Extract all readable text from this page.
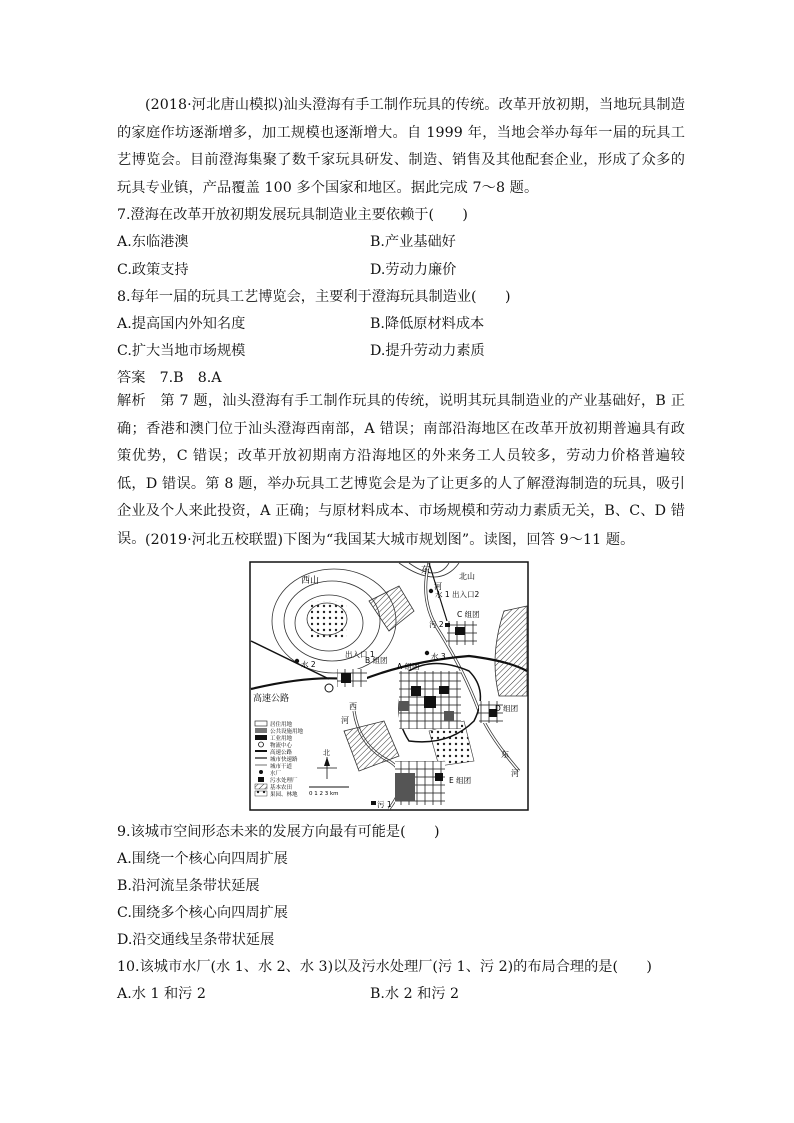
(2018·河北唐山模拟)汕头澄海有手工制作玩具的传统。改革开放初期，当地玩具制造的家庭作坊逐渐增多，加工规模也逐渐增大。自 1999 年，当地会举办每年一届的玩具工艺博览会。目前澄海集聚了数千家玩具研发、制造、销售及其他配套企业，形成了众多的玩具专业镇，产品覆盖 100 多个国家和地区。据此完成 7～8 题。

7.澄海在改革开放初期发展玩具制造业主要依赖于(　　)

A.东临港澳	B.产业基础好

C.政策支持	D.劳动力廉价

8.每年一届的玩具工艺博览会，主要利于澄海玩具制造业(　　)

A.提高国内外知名度	B.降低原材料成本

C.扩大当地市场规模	D.提升劳动力素质

答案　7.B　8.A

解析　第 7 题，汕头澄海有手工制作玩具的传统，说明其玩具制造业的产业基础好，B 正确；香港和澳门位于汕头澄海西南部，A 错误；南部沿海地区在改革开放初期普遍具有政策优势，C 错误；改革开放初期南方沿海地区的外来务工人员较多，劳动力价格普遍较低，D 错误。第 8 题，举办玩具工艺博览会是为了让更多的人了解澄海制造的玩具，吸引企业及个人来此投资，A 正确；与原材料成本、市场规模和劳动力素质无关，B、C、D 错误。 (2019·河北五校联盟)下图为“我国某大城市规划图”。读图，回答 9～11 题。

居住用地
公共设施用地
工业用地
物流中心
高速公路
城市快速路
城市干道
水厂
污水处理厂
基本农田
果园、林地
北
0 1 2 3 km
西山
东
河
北山
水 1 出入口2
C 组团
污 2
水 3
出入口 1
B 组团
A 组团
水 2
高速公路
西
河
D 组团
E 组团
东
河
污 1

9.该城市空间形态未来的发展方向最有可能是(　　)

A.围绕一个核心向四周扩展

B.沿河流呈条带状延展

C.围绕多个核心向四周扩展

D.沿交通线呈条带状延展

10.该城市水厂(水 1、水 2、水 3)以及污水处理厂(污 1、污 2)的布局合理的是(　　)

A.水 1 和污 2	B.水 2 和污 2
